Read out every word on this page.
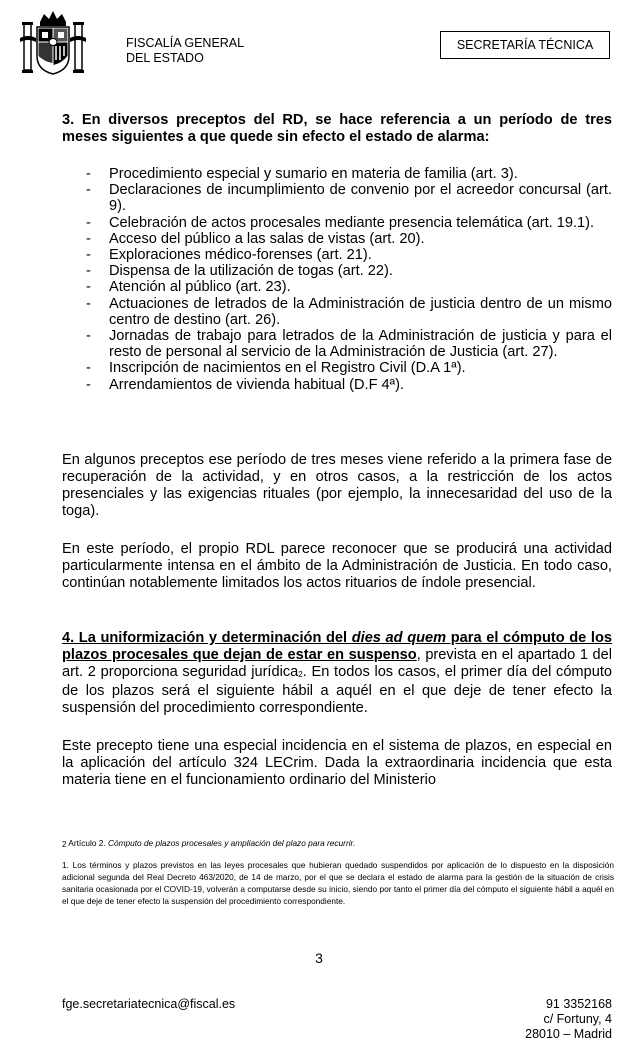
FISCALÍA GENERAL
DEL ESTADO
SECRETARÍA TÉCNICA
3. En diversos preceptos del RD, se hace referencia a un período de tres meses siguientes a que quede sin efecto el estado de alarma:
- Procedimiento especial y sumario en materia de familia (art. 3).
- Declaraciones de incumplimiento de convenio por el acreedor concursal (art. 9).
- Celebración de actos procesales mediante presencia telemática (art. 19.1).
- Acceso del público a las salas de vistas (art. 20).
- Exploraciones médico-forenses (art. 21).
- Dispensa de la utilización de togas (art. 22).
- Atención al público (art. 23).
- Actuaciones de letrados de la Administración de justicia dentro de un mismo centro de destino (art. 26).
- Jornadas de trabajo para letrados de la Administración de justicia y para el resto de personal al servicio de la Administración de Justicia (art. 27).
- Inscripción de nacimientos en el Registro Civil (D.A 1ª).
- Arrendamientos de vivienda habitual (D.F 4ª).
En algunos preceptos ese período de tres meses viene referido a la primera fase de recuperación de la actividad, y en otros casos, a la restricción de los actos presenciales y las exigencias rituales (por ejemplo, la innecesaridad del uso de la toga).
En este período, el propio RDL parece reconocer que se producirá una actividad particularmente intensa en el ámbito de la Administración de Justicia. En todo caso, continúan notablemente limitados los actos rituarios de índole presencial.
4. La uniformización y determinación del dies ad quem para el cómputo de los plazos procesales que dejan de estar en suspenso, prevista en el apartado 1 del art. 2 proporciona seguridad jurídica$_2$. En todos los casos, el primer día del cómputo de los plazos será el siguiente hábil a aquél en el que deje de tener efecto la suspensión del procedimiento correspondiente.
Este precepto tiene una especial incidencia en el sistema de plazos, en especial en la aplicación del artículo 324 LECrim. Dada la extraordinaria incidencia que esta materia tiene en el funcionamiento ordinario del Ministerio

$_2$ Artículo 2. Cómputo de plazos procesales y ampliación del plazo para recurrir.

1. Los términos y plazos previstos en las leyes procesales que hubieran quedado suspendidos por aplicación de lo dispuesto en la disposición adicional segunda del Real Decreto 463/2020, de 14 de marzo, por el que se declara el estado de alarma para la gestión de la situación de crisis sanitaria ocasionada por el COVID-19, volverán a computarse desde su inicio, siendo por tanto el primer día del cómputo el siguiente hábil a aquél en el que deje de tener efecto la suspensión del procedimiento correspondiente.

3
fge.secretariatecnica@fiscal.es	91 3352168
c/ Fortuny, 4
28010 – Madrid
